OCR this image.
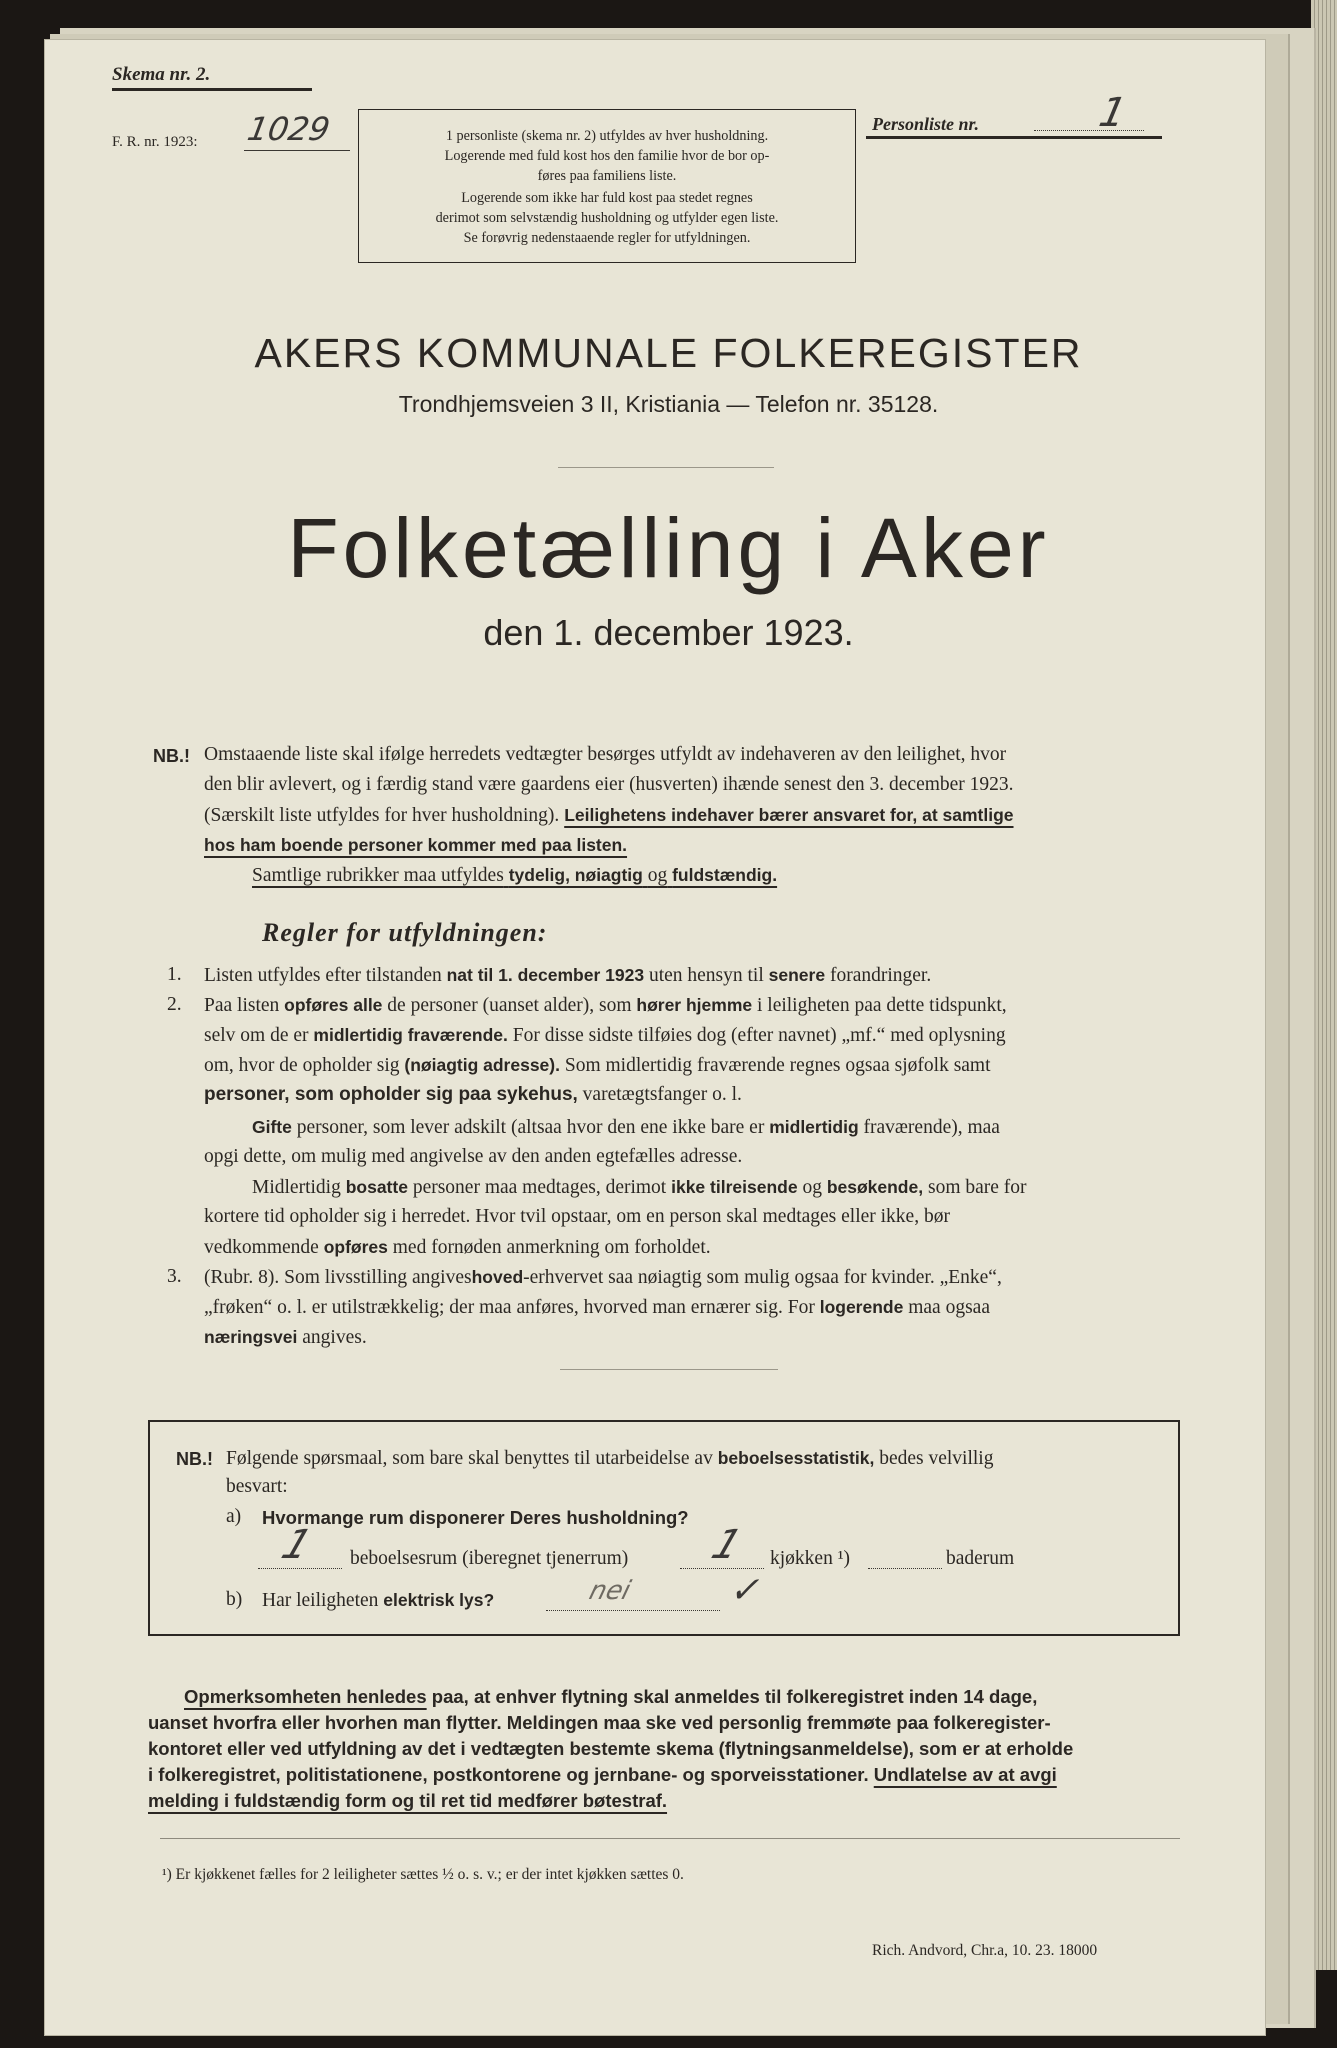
Skema nr. 2.
F. R. nr. 1923: 1029	1 personliste (skema nr. 2) utfyldes av hver husholdning.
Logerende med fuld kost hos den familie hvor de bor op-
føres paa familiens liste.
Logerende som ikke har fuld kost paa stedet regnes
derimot som selvstændig husholdning og utfylder egen liste.
Se forøvrig nedenstaaende regler for utfyldningen.
Personliste nr.	1
AKERS KOMMUNALE FOLKEREGISTER
Trondhjemsveien 3 II, Kristiania — Telefon nr. 35128.
Folketælling i Aker
den 1. december 1923.
NB.! Omstaaende liste skal ifølge herredets vedtægter besørges utfyldt av indehaveren av den leilighet, hvor
den blir avlevert, og i færdig stand være gaardens eier (husverten) ihænde senest den 3. december 1923.
(Særskilt liste utfyldes for hver husholdning). Leilighetens indehaver bærer ansvaret for, at samtlige
hos ham boende personer kommer med paa listen.
Samtlige rubrikker maa utfyldes tydelig, nøiagtig og fuldstændig.
Regler for utfyldningen:
1. Listen utfyldes efter tilstanden nat til 1. december 1923 uten hensyn til senere forandringer.
2. Paa listen opføres alle de personer (uanset alder), som hører hjemme i leiligheten paa dette tidspunkt,
selv om de er midlertidig fraværende. For disse sidste tilføies dog (efter navnet) „mf.“ med oplysning
om, hvor de opholder sig (nøiagtig adresse). Som midlertidig fraværende regnes ogsaa sjøfolk samt
personer, som opholder sig paa sykehus, varetægtsfanger o. l.
Gifte personer, som lever adskilt (altsaa hvor den ene ikke bare er midlertidig fraværende), maa
opgi dette, om mulig med angivelse av den anden egtefælles adresse.
Midlertidig bosatte personer maa medtages, derimot ikke tilreisende og besøkende, som bare for
kortere tid opholder sig i herredet. Hvor tvil opstaar, om en person skal medtages eller ikke, bør
vedkommende opføres med fornøden anmerkning om forholdet.
3. (Rubr. 8). Som livsstilling angiveshoved-erhvervet saa nøiagtig som mulig ogsaa for kvinder. „Enke“,
„frøken“ o. l. er utilstrækkelig; der maa anføres, hvorved man ernærer sig. For logerende maa ogsaa
næringsvei angives.
NB.! Følgende spørsmaal, som bare skal benyttes til utarbeidelse av beboelsesstatistik, bedes velvillig
besvart:
a) Hvormange rum disponerer Deres husholdning?
1 beboelsesrum (iberegnet tjenerrum) 1 kjøkken ¹)	baderum
b) Har leiligheten elektrisk lys?	nei	✓
Opmerksomheten henledes paa, at enhver flytning skal anmeldes til folkeregistret inden 14 dage,
uanset hvorfra eller hvorhen man flytter. Meldingen maa ske ved personlig fremmøte paa folkeregister-
kontoret eller ved utfyldning av det i vedtægten bestemte skema (flytningsanmeldelse), som er at erholde
i folkeregistret, politistationene, postkontorene og jernbane- og sporveisstationer. Undlatelse av at avgi
melding i fuldstændig form og til ret tid medfører bøtestraf.
¹) Er kjøkkenet fælles for 2 leiligheter sættes ½ o. s. v.; er der intet kjøkken sættes 0.
Rich. Andvord, Chr.a, 10. 23. 18000
